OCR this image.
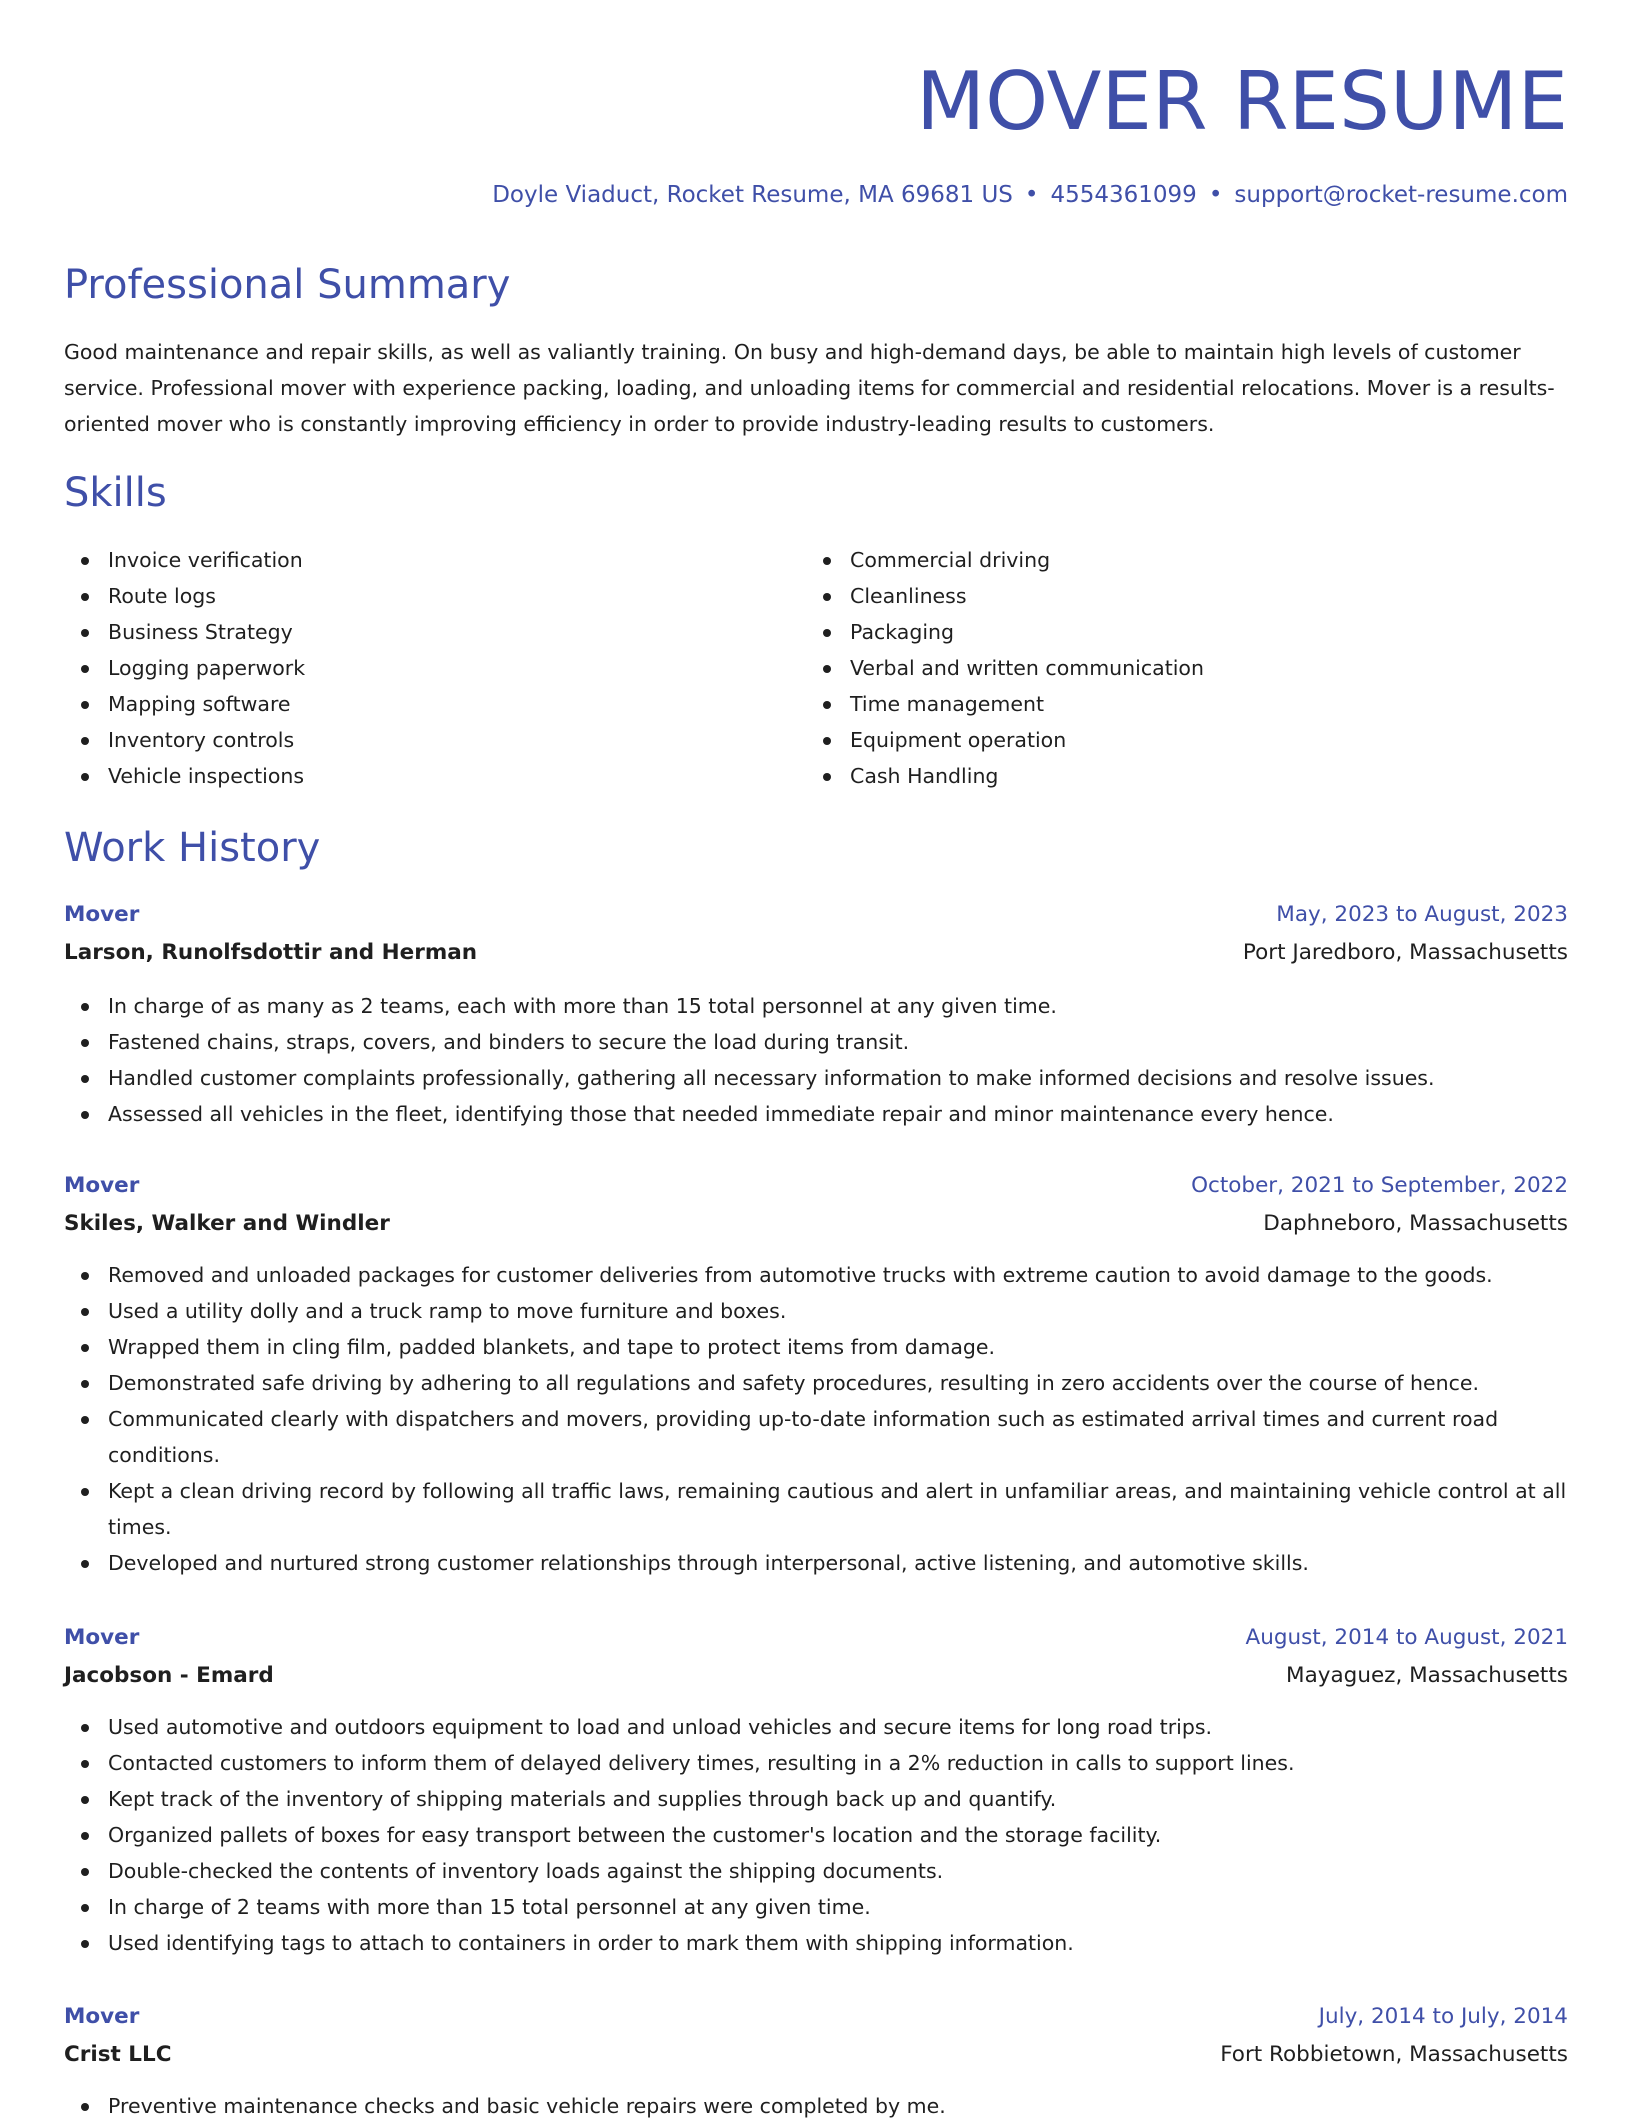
MOVER RESUME
Doyle Viaduct, Rocket Resume, MA 69681 US • 4554361099 • support@rocket-resume.com
Professional Summary

Good maintenance and repair skills, as well as valiantly training. On busy and high-demand days, be able to maintain high levels of customer service. Professional mover with experience packing, loading, and unloading items for commercial and residential relocations. Mover is a results-oriented mover who is constantly improving efficiency in order to provide industry-leading results to customers.

Skills
Invoice verification
Route logs
Business Strategy
Logging paperwork
Mapping software
Inventory controls
Vehicle inspections
Commercial driving
Cleanliness
Packaging
Verbal and written communication
Time management
Equipment operation
Cash Handling
Work History
Mover	May, 2023 to August, 2023
Larson, Runolfsdottir and Herman	Port Jaredboro, Massachusetts
In charge of as many as 2 teams, each with more than 15 total personnel at any given time.
Fastened chains, straps, covers, and binders to secure the load during transit.
Handled customer complaints professionally, gathering all necessary information to make informed decisions and resolve issues.
Assessed all vehicles in the fleet, identifying those that needed immediate repair and minor maintenance every hence.
Mover	October, 2021 to September, 2022
Skiles, Walker and Windler	Daphneboro, Massachusetts
Removed and unloaded packages for customer deliveries from automotive trucks with extreme caution to avoid damage to the goods.
Used a utility dolly and a truck ramp to move furniture and boxes.
Wrapped them in cling film, padded blankets, and tape to protect items from damage.
Demonstrated safe driving by adhering to all regulations and safety procedures, resulting in zero accidents over the course of hence.
Communicated clearly with dispatchers and movers, providing up-to-date information such as estimated arrival times and current road conditions.
Kept a clean driving record by following all traffic laws, remaining cautious and alert in unfamiliar areas, and maintaining vehicle control at all times.
Developed and nurtured strong customer relationships through interpersonal, active listening, and automotive skills.
Mover	August, 2014 to August, 2021
Jacobson - Emard	Mayaguez, Massachusetts
Used automotive and outdoors equipment to load and unload vehicles and secure items for long road trips.
Contacted customers to inform them of delayed delivery times, resulting in a 2% reduction in calls to support lines.
Kept track of the inventory of shipping materials and supplies through back up and quantify.
Organized pallets of boxes for easy transport between the customer's location and the storage facility.
Double-checked the contents of inventory loads against the shipping documents.
In charge of 2 teams with more than 15 total personnel at any given time.
Used identifying tags to attach to containers in order to mark them with shipping information.
Mover	July, 2014 to July, 2014
Crist LLC	Fort Robbietown, Massachusetts
Preventive maintenance checks and basic vehicle repairs were completed by me.
